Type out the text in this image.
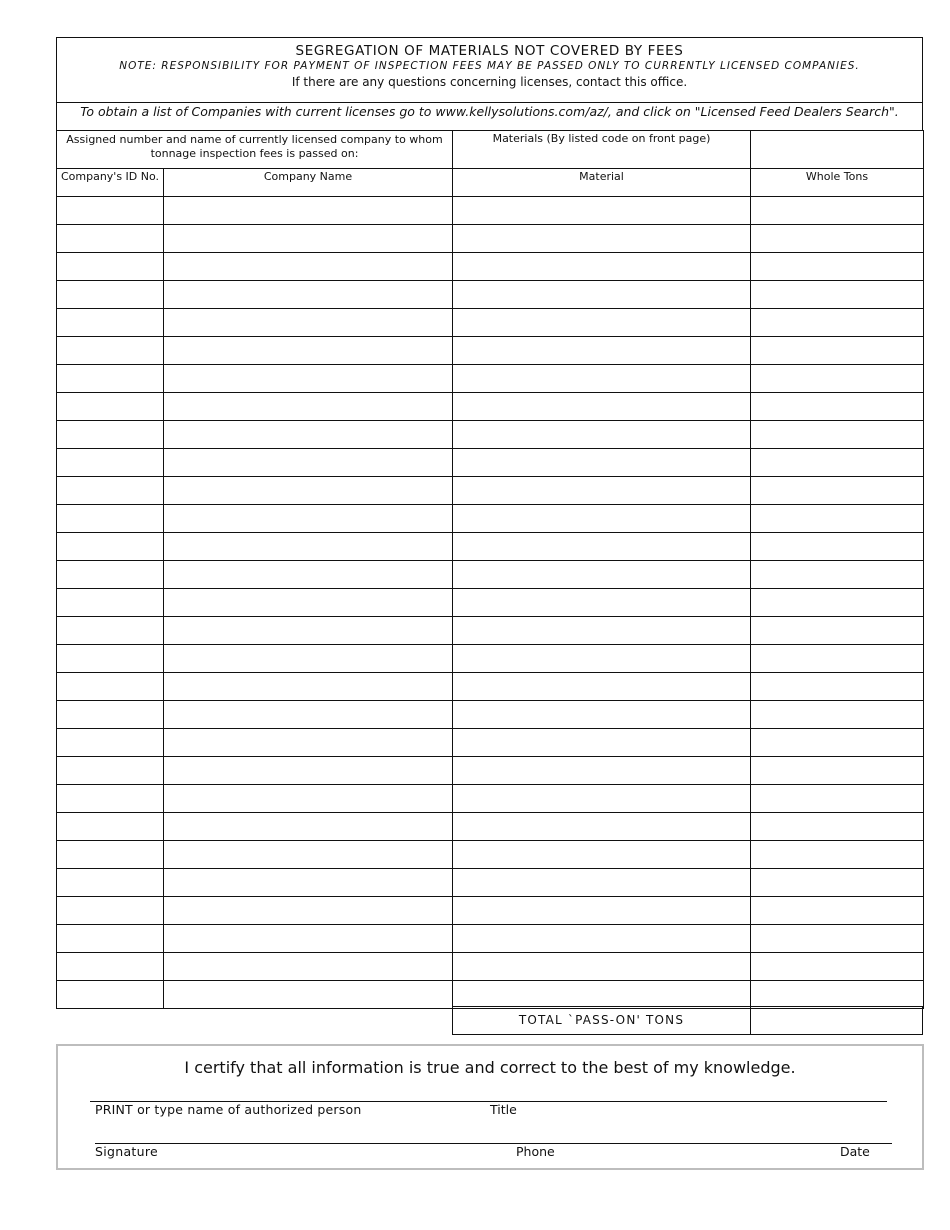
SEGREGATION OF MATERIALS NOT COVERED BY FEES
NOTE: RESPONSIBILITY FOR PAYMENT OF INSPECTION FEES MAY BE PASSED ONLY TO CURRENTLY LICENSED COMPANIES.
If there are any questions concerning licenses, contact this office.
To obtain a list of Companies with current licenses go to www.kellysolutions.com/az/, and click on "Licensed Feed Dealers Search".
Assigned number and name of currently licensed company to whom tonnage inspection fees is passed on:		Materials (By listed code on front page)	
Company's ID No.	Company Name	Material	Whole Tons

TOTAL `PASS-ON' TONS
I certify that all information is true and correct to the best of my knowledge.
PRINT or type name of authorized person	Title
Signature	Phone	Date
